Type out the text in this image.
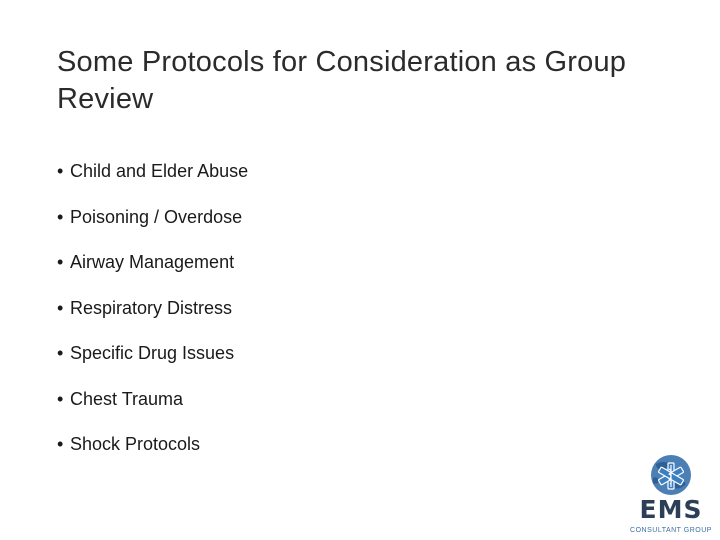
Some Protocols for Consideration as Group Review
• Child and Elder Abuse
• Poisoning / Overdose
• Airway Management
• Respiratory Distress
• Specific Drug Issues
• Chest Trauma
• Shock Protocols
EMS
CONSULTANT GROUP
